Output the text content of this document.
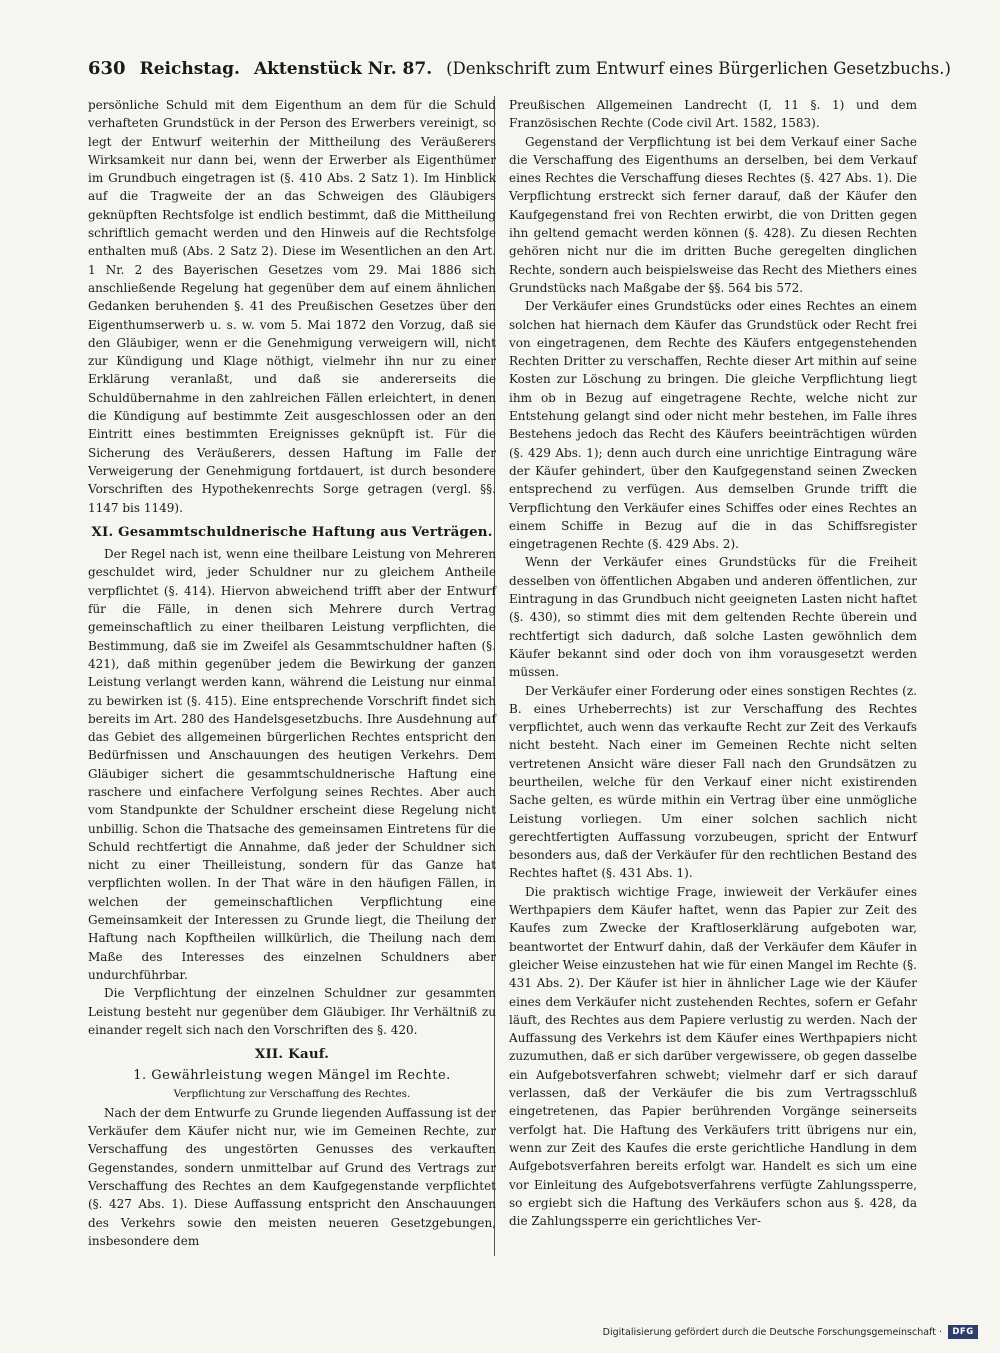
630 Reichstag. Aktenstück Nr. 87. (Denkschrift zum Entwurf eines Bürgerlichen Gesetzbuchs.)

persönliche Schuld mit dem Eigenthum an dem für die Schuld verhafteten Grundstück in der Person des Erwerbers vereinigt, so legt der Entwurf weiterhin der Mittheilung des Veräußerers Wirksamkeit nur dann bei, wenn der Erwerber als Eigenthümer im Grundbuch eingetragen ist (§. 410 Abs. 2 Satz 1). Im Hinblick auf die Tragweite der an das Schweigen des Gläubigers geknüpften Rechtsfolge ist endlich bestimmt, daß die Mittheilung schriftlich gemacht werden und den Hinweis auf die Rechtsfolge enthalten muß (Abs. 2 Satz 2). Diese im Wesentlichen an den Art. 1 Nr. 2 des Bayerischen Gesetzes vom 29. Mai 1886 sich anschließende Regelung hat gegenüber dem auf einem ähnlichen Gedanken beruhenden §. 41 des Preußischen Gesetzes über den Eigenthumserwerb u. s. w. vom 5. Mai 1872 den Vorzug, daß sie den Gläubiger, wenn er die Genehmigung verweigern will, nicht zur Kündigung und Klage nöthigt, vielmehr ihn nur zu einer Erklärung veranlaßt, und daß sie andererseits die Schuldübernahme in den zahlreichen Fällen erleichtert, in denen die Kündigung auf bestimmte Zeit ausgeschlossen oder an den Eintritt eines bestimmten Ereignisses geknüpft ist. Für die Sicherung des Veräußerers, dessen Haftung im Falle der Verweigerung der Genehmigung fortdauert, ist durch besondere Vorschriften des Hypothekenrechts Sorge getragen (vergl. §§. 1147 bis 1149).

XI. Gesammtschuldnerische Haftung aus Verträgen.

Der Regel nach ist, wenn eine theilbare Leistung von Mehreren geschuldet wird, jeder Schuldner nur zu gleichem Antheile verpflichtet (§. 414). Hiervon abweichend trifft aber der Entwurf für die Fälle, in denen sich Mehrere durch Vertrag gemeinschaftlich zu einer theilbaren Leistung verpflichten, die Bestimmung, daß sie im Zweifel als Gesammtschuldner haften (§. 421), daß mithin gegenüber jedem die Bewirkung der ganzen Leistung verlangt werden kann, während die Leistung nur einmal zu bewirken ist (§. 415). Eine entsprechende Vorschrift findet sich bereits im Art. 280 des Handelsgesetzbuchs. Ihre Ausdehnung auf das Gebiet des allgemeinen bürgerlichen Rechtes entspricht den Bedürfnissen und Anschauungen des heutigen Verkehrs. Dem Gläubiger sichert die gesammtschuldnerische Haftung eine raschere und einfachere Verfolgung seines Rechtes. Aber auch vom Standpunkte der Schuldner erscheint diese Regelung nicht unbillig. Schon die Thatsache des gemeinsamen Eintretens für die Schuld rechtfertigt die Annahme, daß jeder der Schuldner sich nicht zu einer Theilleistung, sondern für das Ganze hat verpflichten wollen. In der That wäre in den häufigen Fällen, in welchen der gemeinschaftlichen Verpflichtung eine Gemeinsamkeit der Interessen zu Grunde liegt, die Theilung der Haftung nach Kopftheilen willkürlich, die Theilung nach dem Maße des Interesses des einzelnen Schuldners aber undurchführbar.

Die Verpflichtung der einzelnen Schuldner zur gesammten Leistung besteht nur gegenüber dem Gläubiger. Ihr Verhältniß zu einander regelt sich nach den Vorschriften des §. 420.

XII. Kauf.
1. Gewährleistung wegen Mängel im Rechte.
Verpflichtung zur Verschaffung des Rechtes.

Nach der dem Entwurfe zu Grunde liegenden Auffassung ist der Verkäufer dem Käufer nicht nur, wie im Gemeinen Rechte, zur Verschaffung des ungestörten Genusses des verkauften Gegenstandes, sondern unmittelbar auf Grund des Vertrags zur Verschaffung des Rechtes an dem Kaufgegenstande verpflichtet (§. 427 Abs. 1). Diese Auffassung entspricht den Anschauungen des Verkehrs sowie den meisten neueren Gesetzgebungen, insbesondere dem

Preußischen Allgemeinen Landrecht (I, 11 §. 1) und dem Französischen Rechte (Code civil Art. 1582, 1583).

Gegenstand der Verpflichtung ist bei dem Verkauf einer Sache die Verschaffung des Eigenthums an derselben, bei dem Verkauf eines Rechtes die Verschaffung dieses Rechtes (§. 427 Abs. 1). Die Verpflichtung erstreckt sich ferner darauf, daß der Käufer den Kaufgegenstand frei von Rechten erwirbt, die von Dritten gegen ihn geltend gemacht werden können (§. 428). Zu diesen Rechten gehören nicht nur die im dritten Buche geregelten dinglichen Rechte, sondern auch beispielsweise das Recht des Miethers eines Grundstücks nach Maßgabe der §§. 564 bis 572.

Der Verkäufer eines Grundstücks oder eines Rechtes an einem solchen hat hiernach dem Käufer das Grundstück oder Recht frei von eingetragenen, dem Rechte des Käufers entgegenstehenden Rechten Dritter zu verschaffen, Rechte dieser Art mithin auf seine Kosten zur Löschung zu bringen. Die gleiche Verpflichtung liegt ihm ob in Bezug auf eingetragene Rechte, welche nicht zur Entstehung gelangt sind oder nicht mehr bestehen, im Falle ihres Bestehens jedoch das Recht des Käufers beeinträchtigen würden (§. 429 Abs. 1); denn auch durch eine unrichtige Eintragung wäre der Käufer gehindert, über den Kaufgegenstand seinen Zwecken entsprechend zu verfügen. Aus demselben Grunde trifft die Verpflichtung den Verkäufer eines Schiffes oder eines Rechtes an einem Schiffe in Bezug auf die in das Schiffsregister eingetragenen Rechte (§. 429 Abs. 2).

Wenn der Verkäufer eines Grundstücks für die Freiheit desselben von öffentlichen Abgaben und anderen öffentlichen, zur Eintragung in das Grundbuch nicht geeigneten Lasten nicht haftet (§. 430), so stimmt dies mit dem geltenden Rechte überein und rechtfertigt sich dadurch, daß solche Lasten gewöhnlich dem Käufer bekannt sind oder doch von ihm vorausgesetzt werden müssen.

Der Verkäufer einer Forderung oder eines sonstigen Rechtes (z. B. eines Urheberrechts) ist zur Verschaffung des Rechtes verpflichtet, auch wenn das verkaufte Recht zur Zeit des Verkaufs nicht besteht. Nach einer im Gemeinen Rechte nicht selten vertretenen Ansicht wäre dieser Fall nach den Grundsätzen zu beurtheilen, welche für den Verkauf einer nicht existirenden Sache gelten, es würde mithin ein Vertrag über eine unmögliche Leistung vorliegen. Um einer solchen sachlich nicht gerechtfertigten Auffassung vorzubeugen, spricht der Entwurf besonders aus, daß der Verkäufer für den rechtlichen Bestand des Rechtes haftet (§. 431 Abs. 1).

Die praktisch wichtige Frage, inwieweit der Verkäufer eines Werthpapiers dem Käufer haftet, wenn das Papier zur Zeit des Kaufes zum Zwecke der Kraftloserklärung aufgeboten war, beantwortet der Entwurf dahin, daß der Verkäufer dem Käufer in gleicher Weise einzustehen hat wie für einen Mangel im Rechte (§. 431 Abs. 2). Der Käufer ist hier in ähnlicher Lage wie der Käufer eines dem Verkäufer nicht zustehenden Rechtes, sofern er Gefahr läuft, des Rechtes aus dem Papiere verlustig zu werden. Nach der Auffassung des Verkehrs ist dem Käufer eines Werthpapiers nicht zuzumuthen, daß er sich darüber vergewissere, ob gegen dasselbe ein Aufgebotsverfahren schwebt; vielmehr darf er sich darauf verlassen, daß der Verkäufer die bis zum Vertragsschluß eingetretenen, das Papier berührenden Vorgänge seinerseits verfolgt hat. Die Haftung des Verkäufers tritt übrigens nur ein, wenn zur Zeit des Kaufes die erste gerichtliche Handlung in dem Aufgebotsverfahren bereits erfolgt war. Handelt es sich um eine vor Einleitung des Aufgebotsverfahrens verfügte Zahlungssperre, so ergiebt sich die Haftung des Verkäufers schon aus §. 428, da die Zahlungssperre ein gerichtliches Ver-

Digitalisierung gefördert durch die Deutsche Forschungsgemeinschaft ·	DFG
